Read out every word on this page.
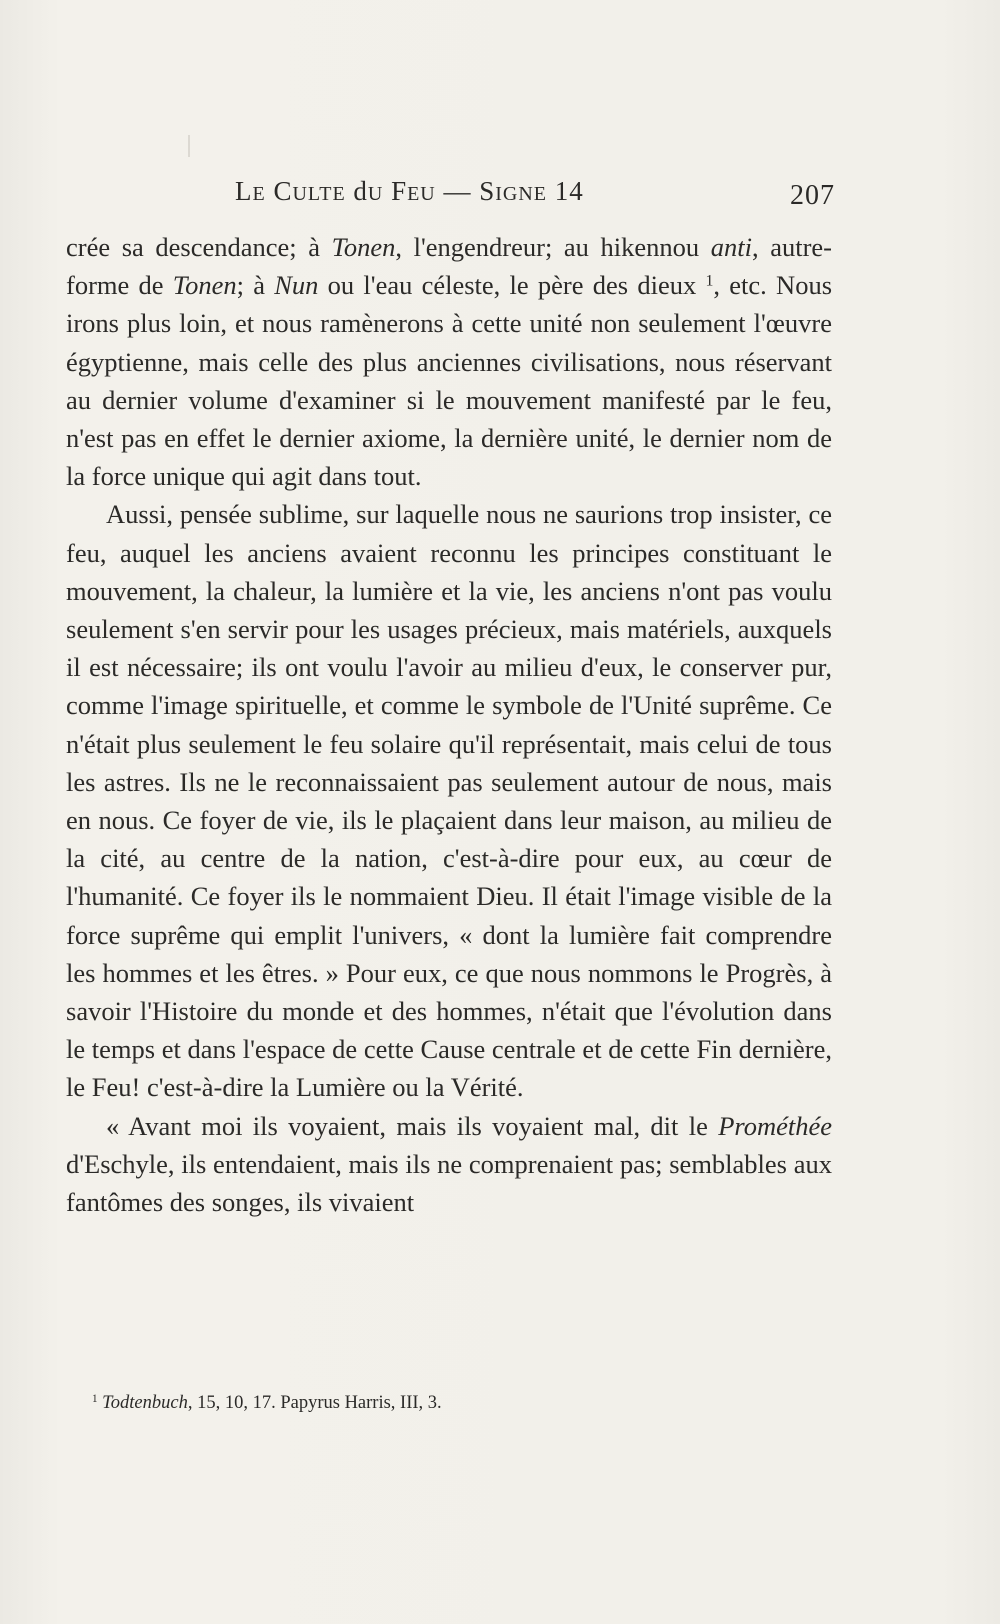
LE CULTE dU FEU — SIGNE 14	207

crée sa descendance; à Tonen, l'engendreur; au hikennou anti, autre-forme de Tonen; à Nun ou l'eau céleste, le père des dieux $^1$, etc. Nous irons plus loin, et nous ramènerons à cette unité non seulement l'œuvre égyptienne, mais celle des plus anciennes civilisations, nous réservant au dernier volume d'examiner si le mouvement manifesté par le feu, n'est pas en effet le dernier axiome, la dernière unité, le dernier nom de la force unique qui agit dans tout.

Aussi, pensée sublime, sur laquelle nous ne saurions trop insister, ce feu, auquel les anciens avaient reconnu les principes constituant le mouvement, la chaleur, la lumière et la vie, les anciens n'ont pas voulu seulement s'en servir pour les usages précieux, mais matériels, auxquels il est nécessaire; ils ont voulu l'avoir au milieu d'eux, le conserver pur, comme l'image spirituelle, et comme le symbole de l'Unité suprême. Ce n'était plus seulement le feu solaire qu'il représentait, mais celui de tous les astres. Ils ne le reconnaissaient pas seulement autour de nous, mais en nous. Ce foyer de vie, ils le plaçaient dans leur maison, au milieu de la cité, au centre de la nation, c'est-à-dire pour eux, au cœur de l'humanité. Ce foyer ils le nommaient Dieu. Il était l'image visible de la force suprême qui emplit l'univers, « dont la lumière fait comprendre les hommes et les êtres. » Pour eux, ce que nous nommons le Progrès, à savoir l'Histoire du monde et des hommes, n'était que l'évolution dans le temps et dans l'espace de cette Cause centrale et de cette Fin dernière, le Feu! c'est-à-dire la Lumière ou la Vérité.

« Avant moi ils voyaient, mais ils voyaient mal, dit le Prométhée d'Eschyle, ils entendaient, mais ils ne comprenaient pas; semblables aux fantômes des songes, ils vivaient

$^1$ Todtenbuch, 15, 10, 17. Papyrus Harris, III, 3.
